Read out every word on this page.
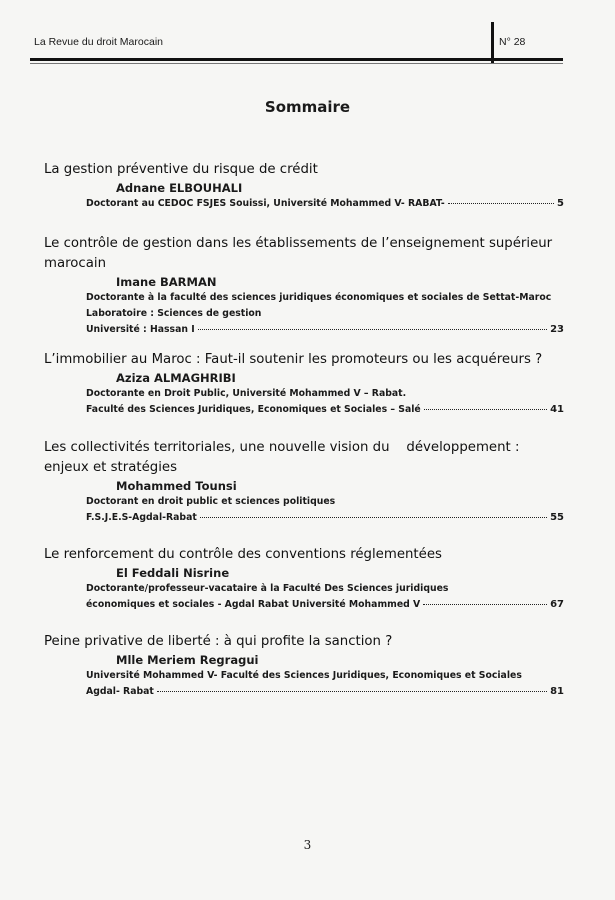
La Revue du droit Marocain	N° 28
Sommaire
La gestion préventive du risque de crédit
Adnane ELBOUHALI
Doctorant au CEDOC FSJES Souissi, Université Mohammed V- RABAT-	5
Le contrôle de gestion dans les établissements de l’enseignement supérieur
marocain
Imane BARMAN
Doctorante à la faculté des sciences juridiques économiques et sociales de Settat-Maroc
Laboratoire : Sciences de gestion
Université : Hassan I	23
L’immobilier au Maroc : Faut-il soutenir les promoteurs ou les acquéreurs ?
Aziza ALMAGHRIBI
Doctorante en Droit Public, Université Mohammed V – Rabat.
Faculté des Sciences Juridiques, Economiques et Sociales – Salé	41
Les collectivités territoriales, une nouvelle vision du    développement :
enjeux et stratégies
Mohammed Tounsi
Doctorant en droit public et sciences politiques
F.S.J.E.S-Agdal-Rabat	55
Le renforcement du contrôle des conventions réglementées
El Feddali Nisrine
Doctorante/professeur-vacataire à la Faculté Des Sciences juridiques
économiques et sociales - Agdal Rabat Université Mohammed V	67
Peine privative de liberté : à qui profite la sanction ?
Mlle Meriem Regragui
Université Mohammed V- Faculté des Sciences Juridiques, Economiques et Sociales
Agdal- Rabat	81
3
